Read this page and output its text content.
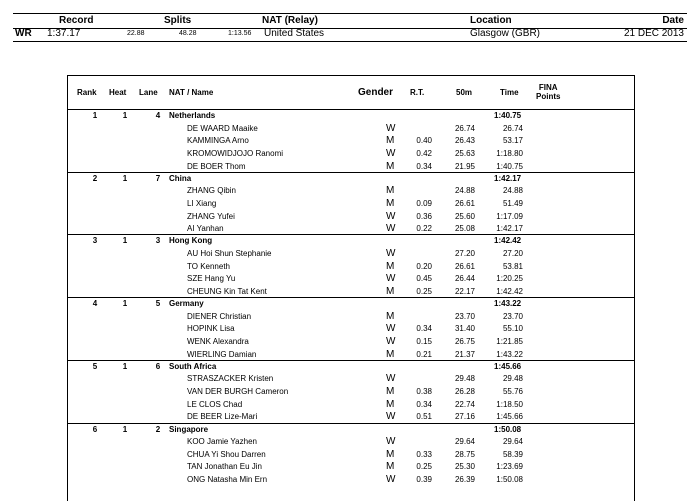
Record	Splits	NAT (Relay)	Location	Date
WR 1:37.17	22.88	48.28	1:13.56 United States	Glasgow (GBR)	21 DEC 2013
Rank Heat Lane NAT / Name	Gender R.T.	50m	Time
FINA
Points
1	1	4 Netherlands	1:40.75
DE WAARD Maaike	W	26.74	26.74
KAMMINGA Arno	M	0.40	26.43	53.17
KROMOWIDJOJO Ranomi	W	0.42	25.63	1:18.80
DE BOER Thom	M	0.34	21.95	1:40.75
2	1	7 China	1:42.17
ZHANG Qibin	M	24.88	24.88
LI Xiang	M	0.09	26.61	51.49
ZHANG Yufei	W	0.36	25.60	1:17.09
AI Yanhan	W	0.22	25.08	1:42.17
3	1	3 Hong Kong	1:42.42
AU Hoi Shun Stephanie	W	27.20	27.20
TO Kenneth	M	0.20	26.61	53.81
SZE Hang Yu	W	0.45	26.44	1:20.25
CHEUNG Kin Tat Kent	M	0.25	22.17	1:42.42
4	1	5 Germany	1:43.22
DIENER Christian	M	23.70	23.70
HOPINK Lisa	W	0.34	31.40	55.10
WENK Alexandra	W	0.15	26.75	1:21.85
WIERLING Damian	M	0.21	21.37	1:43.22
5	1	6 South Africa	1:45.66
STRASZACKER Kristen	W	29.48	29.48
VAN DER BURGH Cameron	M	0.38	26.28	55.76
LE CLOS Chad	M	0.34	22.74	1:18.50
DE BEER Lize-Mari	W	0.51	27.16	1:45.66
6	1	2 Singapore	1:50.08
KOO Jamie Yazhen	W	29.64	29.64
CHUA Yi Shou Darren	M	0.33	28.75	58.39
TAN Jonathan Eu Jin	M	0.25	25.30	1:23.69
ONG Natasha Min Ern	W	0.39	26.39	1:50.08
